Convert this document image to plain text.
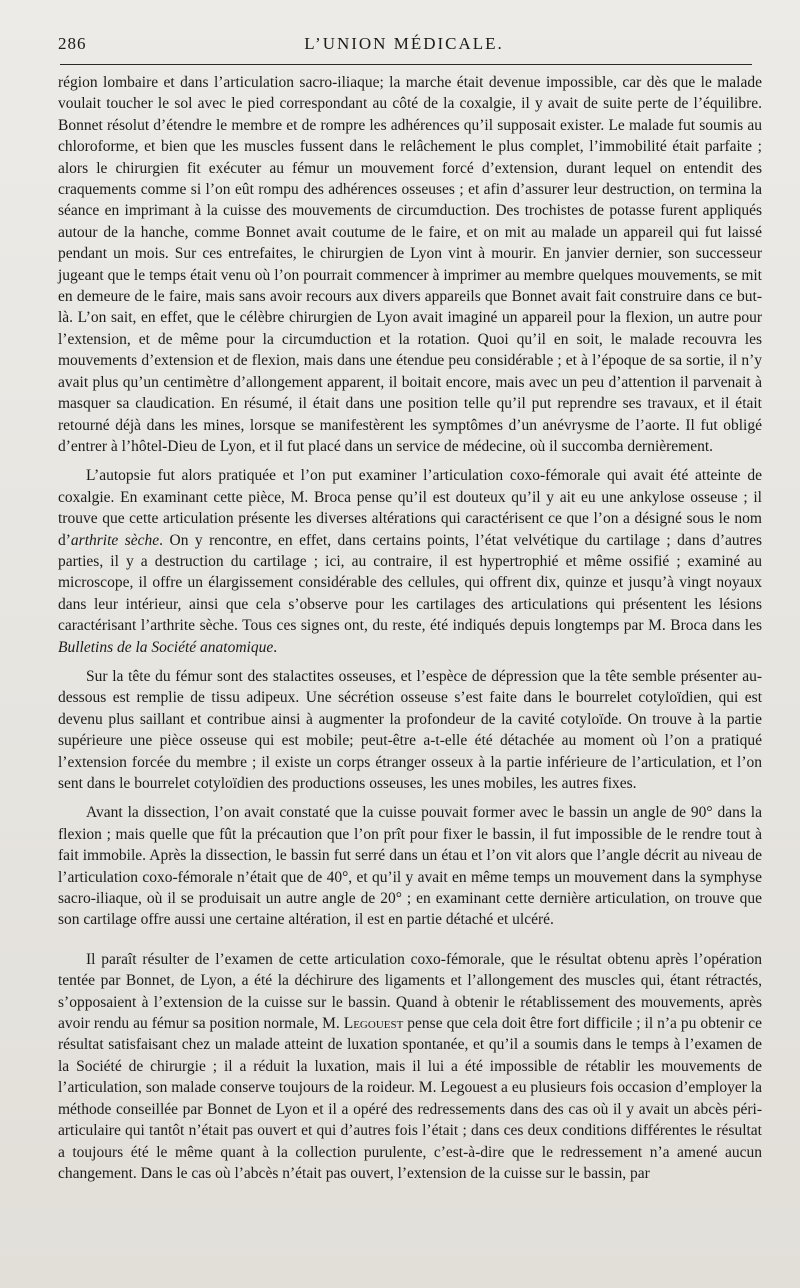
286	L’UNION MÉDICALE.

région lombaire et dans l’articulation sacro-iliaque; la marche était devenue impossible, car dès que le malade voulait toucher le sol avec le pied correspondant au côté de la coxalgie, il y avait de suite perte de l’équilibre. Bonnet résolut d’étendre le membre et de rompre les adhérences qu’il supposait exister. Le malade fut soumis au chloroforme, et bien que les muscles fussent dans le relâchement le plus complet, l’immobilité était parfaite ; alors le chirurgien fit exécuter au fémur un mouvement forcé d’extension, durant lequel on entendit des craquements comme si l’on eût rompu des adhérences osseuses ; et afin d’assurer leur destruction, on termina la séance en imprimant à la cuisse des mouvements de circumduction. Des trochistes de potasse furent appliqués autour de la hanche, comme Bonnet avait coutume de le faire, et on mit au malade un appareil qui fut laissé pendant un mois. Sur ces entrefaites, le chirurgien de Lyon vint à mourir. En janvier dernier, son successeur jugeant que le temps était venu où l’on pourrait commencer à imprimer au membre quelques mouvements, se mit en demeure de le faire, mais sans avoir recours aux divers appareils que Bonnet avait fait construire dans ce but-là. L’on sait, en effet, que le célèbre chirurgien de Lyon avait imaginé un appareil pour la flexion, un autre pour l’extension, et de même pour la circumduction et la rotation. Quoi qu’il en soit, le malade recouvra les mouvements d’extension et de flexion, mais dans une étendue peu considérable ; et à l’époque de sa sortie, il n’y avait plus qu’un centimètre d’allongement apparent, il boitait encore, mais avec un peu d’attention il parvenait à masquer sa claudication. En résumé, il était dans une position telle qu’il put reprendre ses travaux, et il était retourné déjà dans les mines, lorsque se manifestèrent les symptômes d’un anévrysme de l’aorte. Il fut obligé d’entrer à l’hôtel-Dieu de Lyon, et il fut placé dans un service de médecine, où il succomba dernièrement.

L’autopsie fut alors pratiquée et l’on put examiner l’articulation coxo-fémorale qui avait été atteinte de coxalgie. En examinant cette pièce, M. Broca pense qu’il est douteux qu’il y ait eu une ankylose osseuse ; il trouve que cette articulation présente les diverses altérations qui caractérisent ce que l’on a désigné sous le nom d’arthrite sèche. On y rencontre, en effet, dans certains points, l’état velvétique du cartilage ; dans d’autres parties, il y a destruction du cartilage ; ici, au contraire, il est hypertrophié et même ossifié ; examiné au microscope, il offre un élargissement considérable des cellules, qui offrent dix, quinze et jusqu’à vingt noyaux dans leur intérieur, ainsi que cela s’observe pour les cartilages des articulations qui présentent les lésions caractérisant l’arthrite sèche. Tous ces signes ont, du reste, été indiqués depuis longtemps par M. Broca dans les Bulletins de la Société anatomique.

Sur la tête du fémur sont des stalactites osseuses, et l’espèce de dépression que la tête semble présenter au-dessous est remplie de tissu adipeux. Une sécrétion osseuse s’est faite dans le bourrelet cotyloïdien, qui est devenu plus saillant et contribue ainsi à augmenter la profondeur de la cavité cotyloïde. On trouve à la partie supérieure une pièce osseuse qui est mobile; peut-être a-t-elle été détachée au moment où l’on a pratiqué l’extension forcée du membre ; il existe un corps étranger osseux à la partie inférieure de l’articulation, et l’on sent dans le bourrelet cotyloïdien des productions osseuses, les unes mobiles, les autres fixes.

Avant la dissection, l’on avait constaté que la cuisse pouvait former avec le bassin un angle de 90° dans la flexion ; mais quelle que fût la précaution que l’on prît pour fixer le bassin, il fut impossible de le rendre tout à fait immobile. Après la dissection, le bassin fut serré dans un étau et l’on vit alors que l’angle décrit au niveau de l’articulation coxo-fémorale n’était que de 40°, et qu’il y avait en même temps un mouvement dans la symphyse sacro-iliaque, où il se produisait un autre angle de 20° ; en examinant cette dernière articulation, on trouve que son cartilage offre aussi une certaine altération, il est en partie détaché et ulcéré.

Il paraît résulter de l’examen de cette articulation coxo-fémorale, que le résultat obtenu après l’opération tentée par Bonnet, de Lyon, a été la déchirure des ligaments et l’allongement des muscles qui, étant rétractés, s’opposaient à l’extension de la cuisse sur le bassin. Quand à obtenir le rétablissement des mouvements, après avoir rendu au fémur sa position normale, M. Legouest pense que cela doit être fort difficile ; il n’a pu obtenir ce résultat satisfaisant chez un malade atteint de luxation spontanée, et qu’il a soumis dans le temps à l’examen de la Société de chirurgie ; il a réduit la luxation, mais il lui a été impossible de rétablir les mouvements de l’articulation, son malade conserve toujours de la roideur. M. Legouest a eu plusieurs fois occasion d’employer la méthode conseillée par Bonnet de Lyon et il a opéré des redressements dans des cas où il y avait un abcès péri-articulaire qui tantôt n’était pas ouvert et qui d’autres fois l’était ; dans ces deux conditions différentes le résultat a toujours été le même quant à la collection purulente, c’est-à-dire que le redressement n’a amené aucun changement. Dans le cas où l’abcès n’était pas ouvert, l’extension de la cuisse sur le bassin, par
